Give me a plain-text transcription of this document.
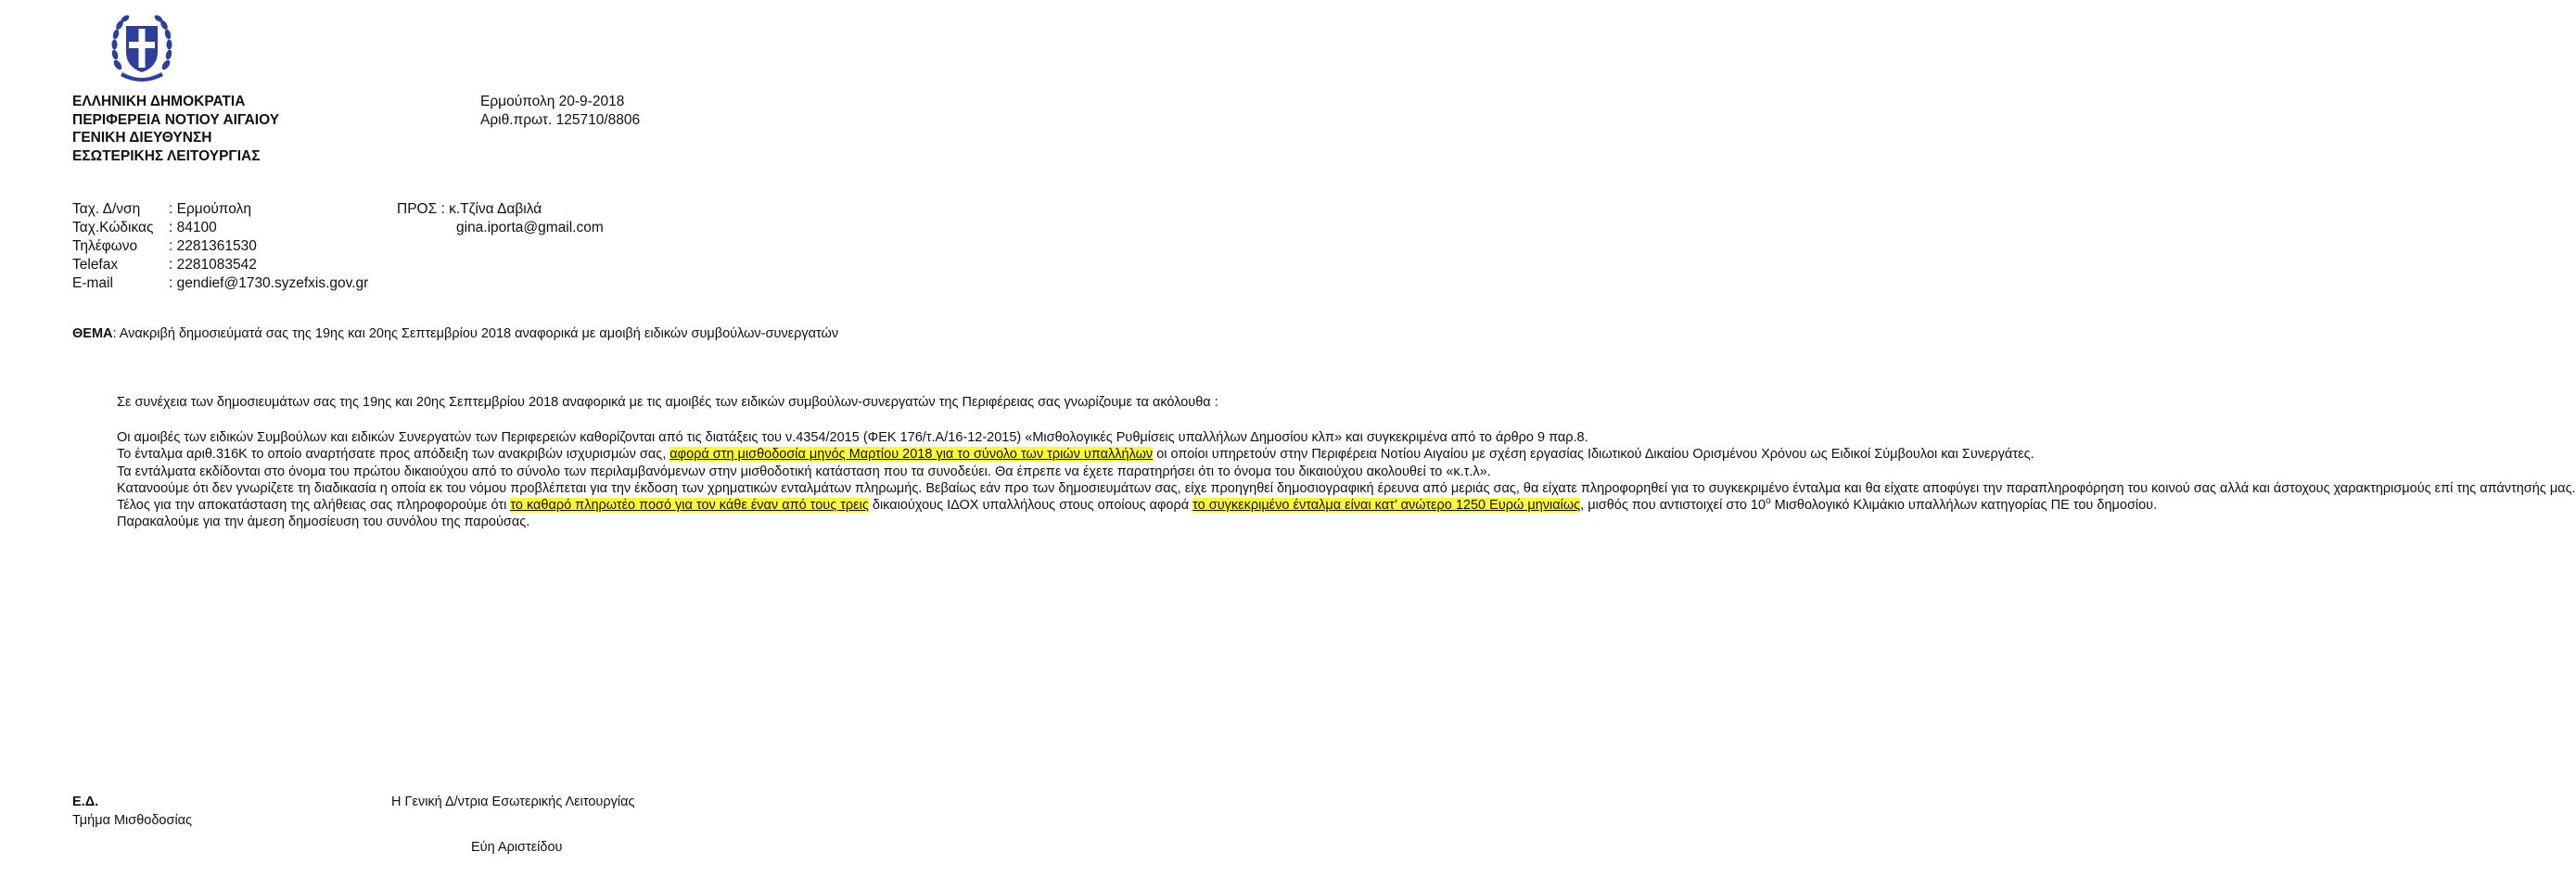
ΕΛΛΗΝΙΚΗ ΔΗΜΟΚΡΑΤΙΑ
ΠΕΡΙΦΕΡΕΙΑ ΝΟΤΙΟΥ ΑΙΓΑΙΟΥ
ΓΕΝΙΚΗ ΔΙΕΥΘΥΝΣΗ
ΕΣΩΤΕΡΙΚΗΣ ΛΕΙΤΟΥΡΓΙΑΣ
Ερμούπολη 20-9-2018
Αριθ.πρωτ. 125710/8806
Ταχ. Δ/νση : Ερμούπολη
Ταχ.Κώδικας : 84100
Τηλέφωνο : 2281361530
Telefax	: 2281083542
E-mail	: gendief@1730.syzefxis.gov.gr
ΠΡΟΣ : κ.Τζίνα Δαβιλά
gina.iporta@gmail.com
ΘΕΜΑ: Ανακριβή δημοσιεύματά σας της 19ης και 20ης Σεπτεμβρίου 2018 αναφορικά με αμοιβή ειδικών συμβούλων-συνεργατών

Σε συνέχεια των δημοσιευμάτων σας της 19ης και 20ης Σεπτεμβρίου 2018 αναφορικά με τις αμοιβές των ειδικών συμβούλων-συνεργατών της Περιφέρειας σας γνωρίζουμε τα ακόλουθα :

Οι αμοιβές των ειδικών Συμβούλων και ειδικών Συνεργατών των Περιφερειών καθορίζονται από τις διατάξεις του ν.4354/2015 (ΦΕΚ 176/τ.Α/16-12-2015) «Μισθολογικές Ρυθμίσεις υπαλλήλων Δημοσίου κλπ» και συγκεκριμένα από το άρθρο 9 παρ.8.

Το ένταλμα αριθ.316Κ το οποίο αναρτήσατε προς απόδειξη των ανακριβών ισχυρισμών σας, αφορά στη μισθοδοσία μηνός Μαρτίου 2018 για το σύνολο των τριών υπαλλήλων οι οποίοι υπηρετούν στην Περιφέρεια Νοτίου Αιγαίου με σχέση εργασίας Ιδιωτικού Δικαίου Ορισμένου Χρόνου ως Ειδικοί Σύμβουλοι και Συνεργάτες.

Τα εντάλματα εκδίδονται στο όνομα του πρώτου δικαιούχου από το σύνολο των περιλαμβανόμενων στην μισθοδοτική κατάσταση που τα συνοδεύει. Θα έπρεπε να έχετε παρατηρήσει ότι το όνομα του δικαιούχου ακολουθεί το «κ.τ.λ».

Κατανοούμε ότι δεν γνωρίζετε τη διαδικασία η οποία εκ του νόμου προβλέπεται για την έκδοση των χρηματικών ενταλμάτων πληρωμής. Βεβαίως εάν προ των δημοσιευμάτων σας, είχε προηγηθεί δημοσιογραφική έρευνα από μεριάς σας, θα είχατε πληροφορηθεί για το συγκεκριμένο ένταλμα και θα είχατε αποφύγει την παραπληροφόρηση του κοινού σας αλλά και άστοχους χαρακτηρισμούς επί της απάντησής μας.

Τέλος για την αποκατάσταση της αλήθειας σας πληροφορούμε ότι το καθαρό πληρωτέο ποσό για τον κάθε έναν από τους τρεις δικαιούχους ΙΔΟΧ υπαλλήλους στους οποίους αφορά το συγκεκριμένο ένταλμα είναι κατ’ ανώτερο 1250 Ευρώ μηνιαίως, μισθός που αντιστοιχεί στο $10^o$ Μισθολογικό Κλιμάκιο υπαλλήλων κατηγορίας ΠΕ του δημοσίου.

Παρακαλούμε για την άμεση δημοσίευση του συνόλου της παρούσας.

Ε.Δ.
Τμήμα Μισθοδοσίας
Η Γενική Δ/ντρια Εσωτερικής Λειτουργίας
Εύη Αριστείδου
